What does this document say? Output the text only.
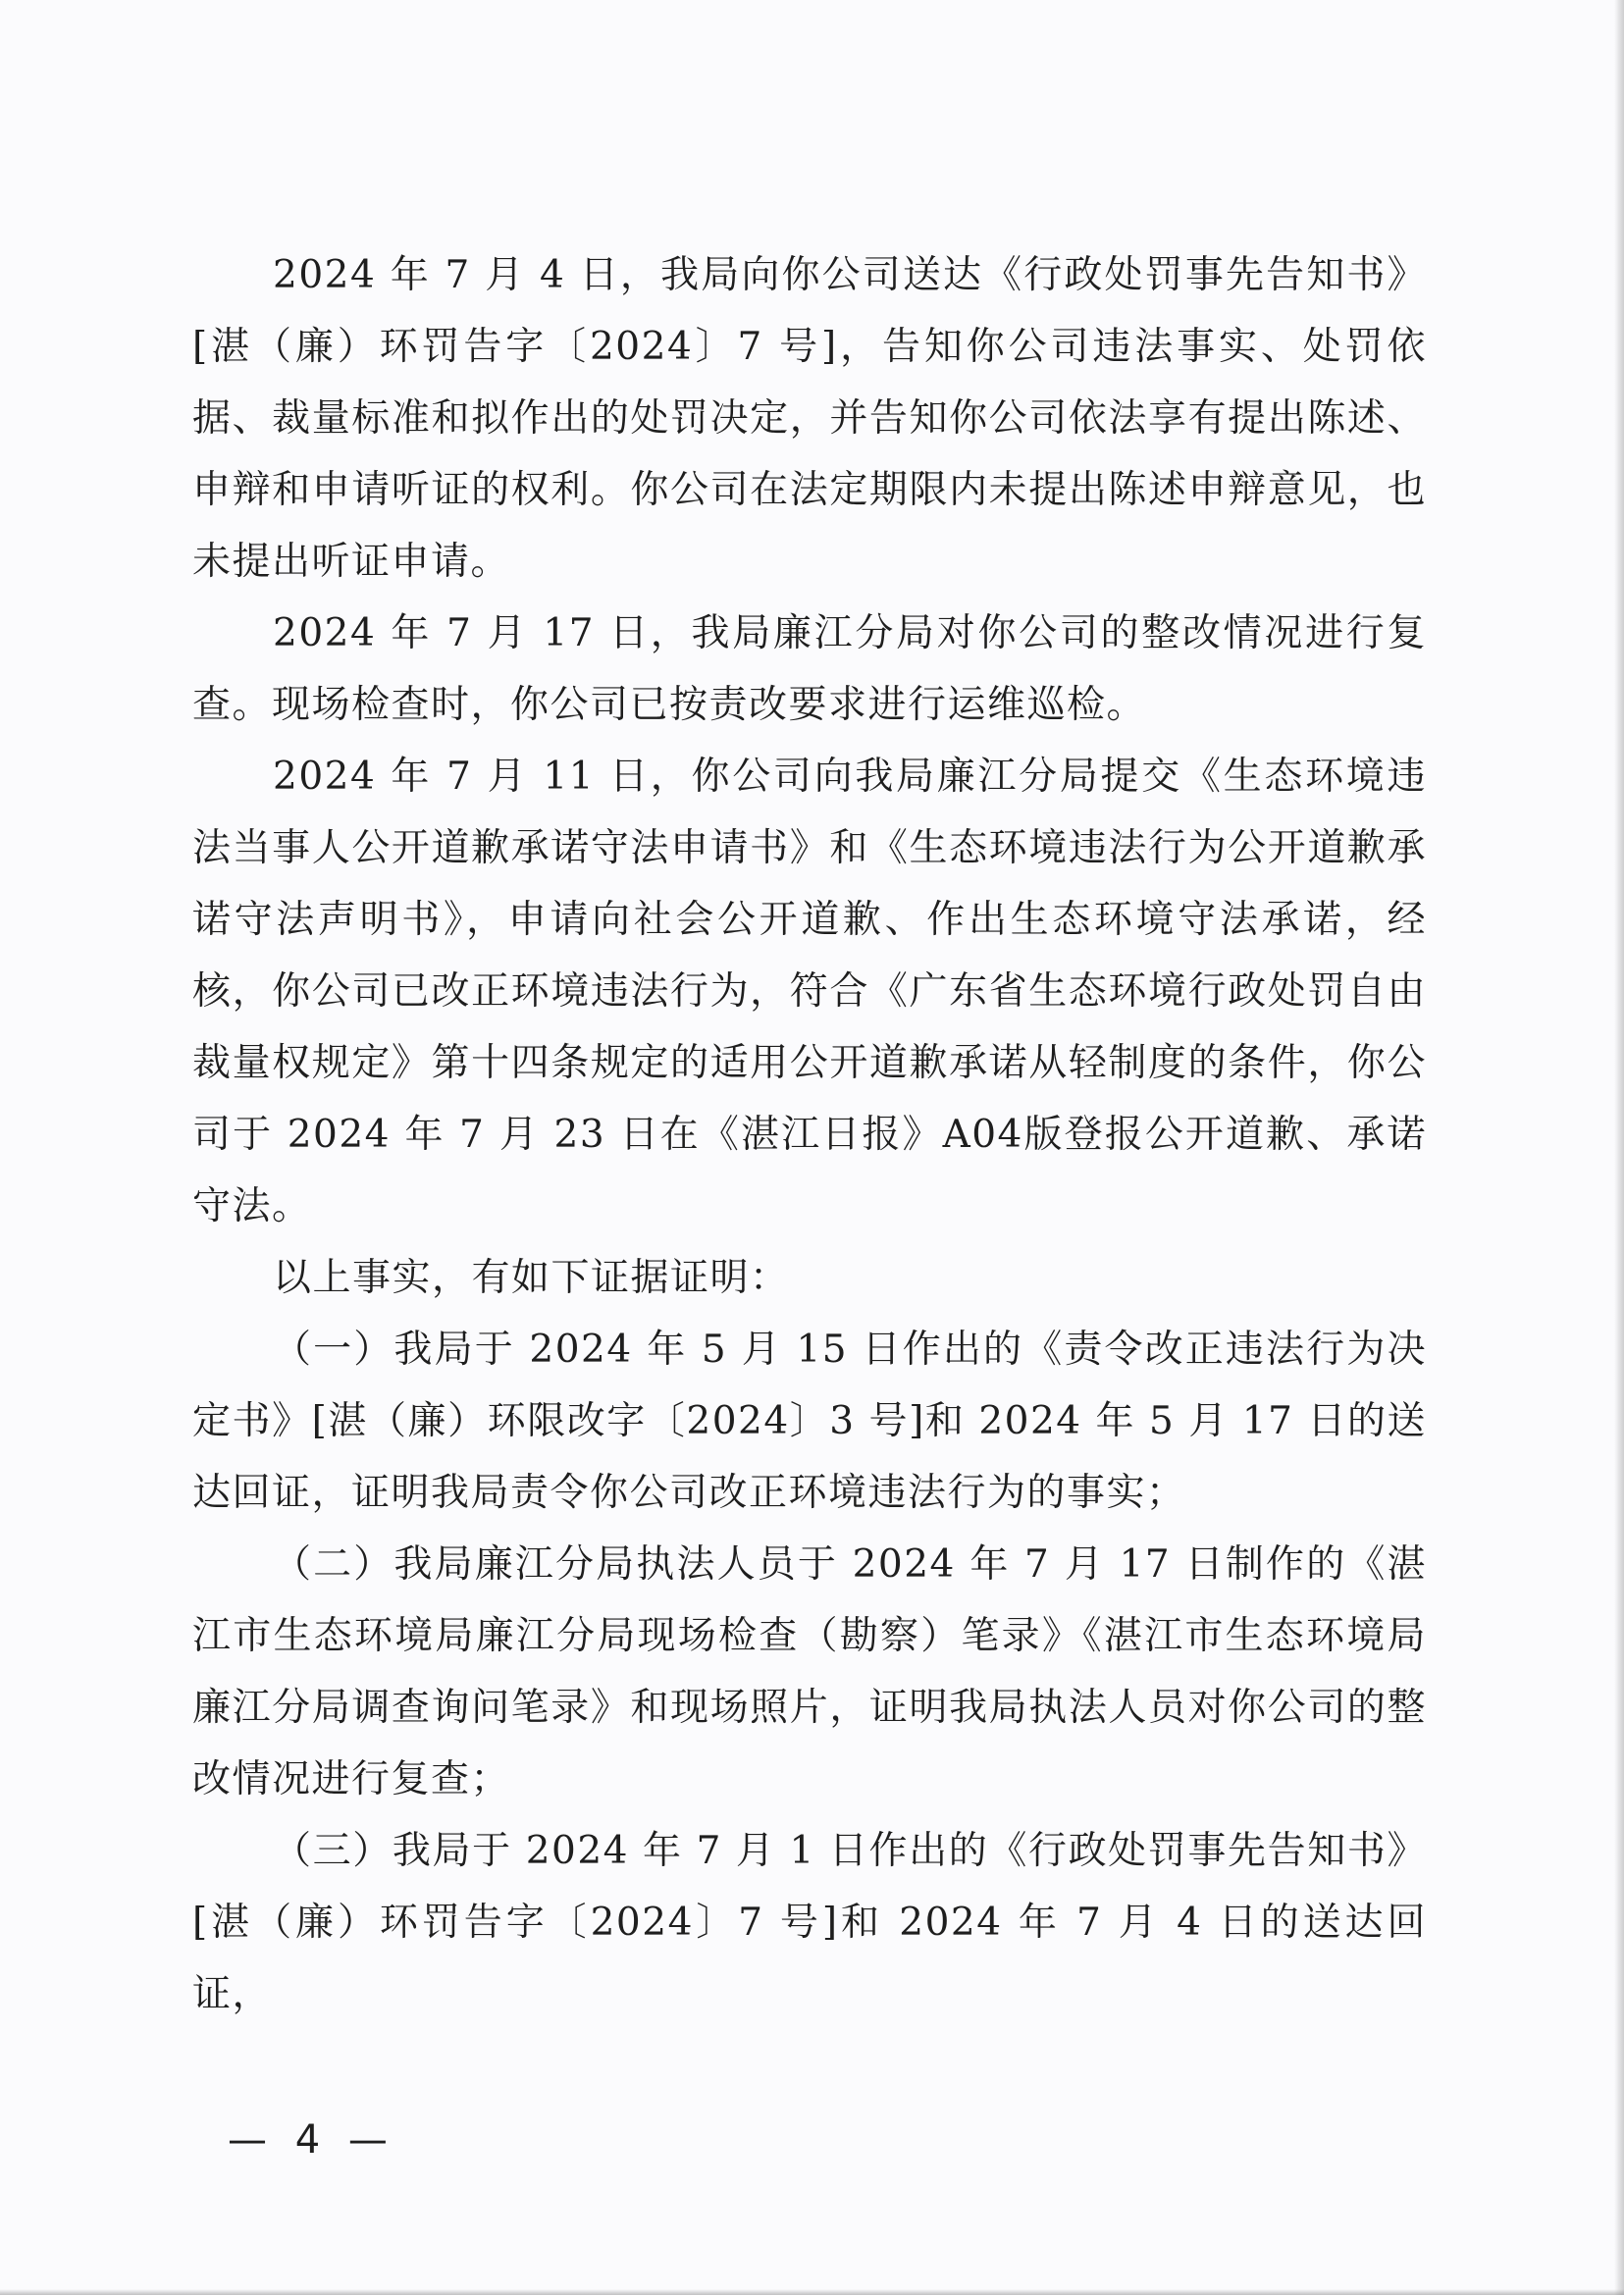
2024 年 7 月 4 日，我局向你公司送达《行政处罚事先告知书》[湛（廉）环罚告字〔2024〕7 号]，告知你公司违法事实、处罚依据、裁量标准和拟作出的处罚决定，并告知你公司依法享有提出陈述、申辩和申请听证的权利。你公司在法定期限内未提出陈述申辩意见，也未提出听证申请。

2024 年 7 月 17 日，我局廉江分局对你公司的整改情况进行复查。现场检查时，你公司已按责改要求进行运维巡检。

2024 年 7 月 11 日，你公司向我局廉江分局提交《生态环境违法当事人公开道歉承诺守法申请书》和《生态环境违法行为公开道歉承诺守法声明书》，申请向社会公开道歉、作出生态环境守法承诺，经核，你公司已改正环境违法行为，符合《广东省生态环境行政处罚自由裁量权规定》第十四条规定的适用公开道歉承诺从轻制度的条件，你公司于 2024 年 7 月 23 日在《湛江日报》A04版登报公开道歉、承诺守法。

以上事实，有如下证据证明：

（一）我局于 2024 年 5 月 15 日作出的《责令改正违法行为决定书》[湛（廉）环限改字〔2024〕3 号]和 2024 年 5 月 17 日的送达回证，证明我局责令你公司改正环境违法行为的事实；

（二）我局廉江分局执法人员于 2024 年 7 月 17 日制作的《湛江市生态环境局廉江分局现场检查（勘察）笔录》《湛江市生态环境局廉江分局调查询问笔录》和现场照片，证明我局执法人员对你公司的整改情况进行复查；

（三）我局于 2024 年 7 月 1 日作出的《行政处罚事先告知书》[湛（廉）环罚告字〔2024〕7 号]和 2024 年 7 月 4 日的送达回证，

— 4 —
